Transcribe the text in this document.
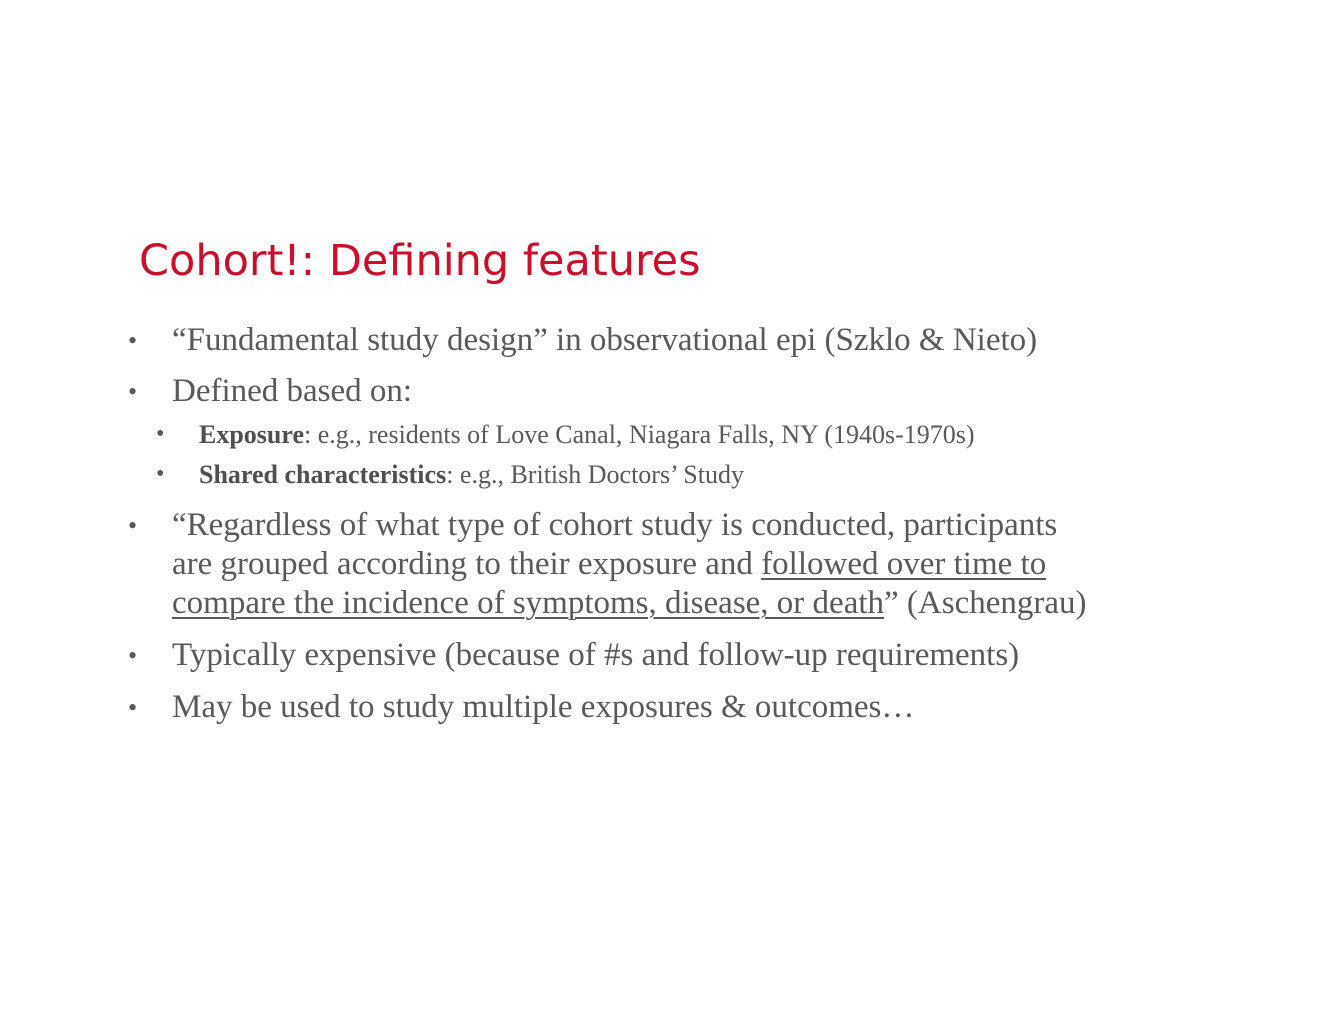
Cohort!: Defining features
• “Fundamental study design” in observational epi (Szklo & Nieto)
• Defined based on:
• Exposure: e.g., residents of Love Canal, Niagara Falls, NY (1940s-1970s)
• Shared characteristics: e.g., British Doctors’ Study
• “Regardless of what type of cohort study is conducted, participants
are grouped according to their exposure and followed over time to
compare the incidence of symptoms, disease, or death” (Aschengrau)
• Typically expensive (because of #s and follow-up requirements)
• May be used to study multiple exposures & outcomes…
